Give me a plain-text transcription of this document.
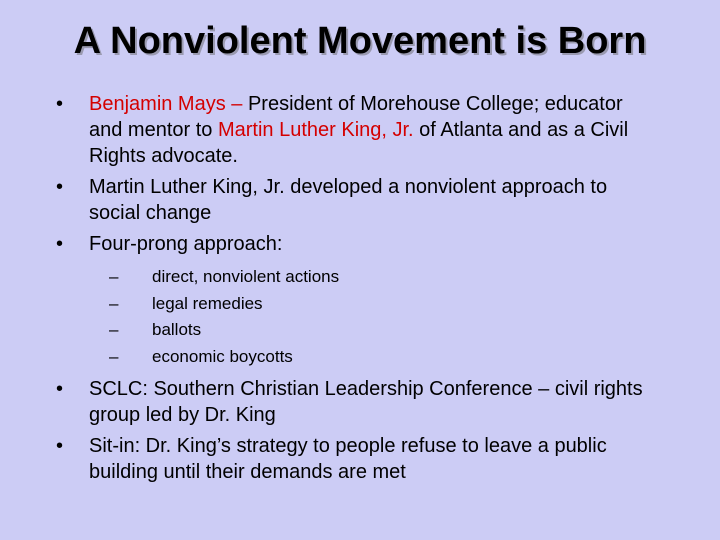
A Nonviolent Movement is Born
•	Benjamin Mays – President of Morehouse College; educator and mentor to Martin Luther King, Jr. of Atlanta and as a Civil Rights advocate.
•	Martin Luther King, Jr. developed a nonviolent approach to social change
•	Four-prong approach:
– direct, nonviolent actions
– legal remedies
– ballots
– economic boycotts
•	SCLC: Southern Christian Leadership Conference – civil rights group led by Dr. King
•	Sit-in: Dr. King’s strategy to people refuse to leave a public building until their demands are met
